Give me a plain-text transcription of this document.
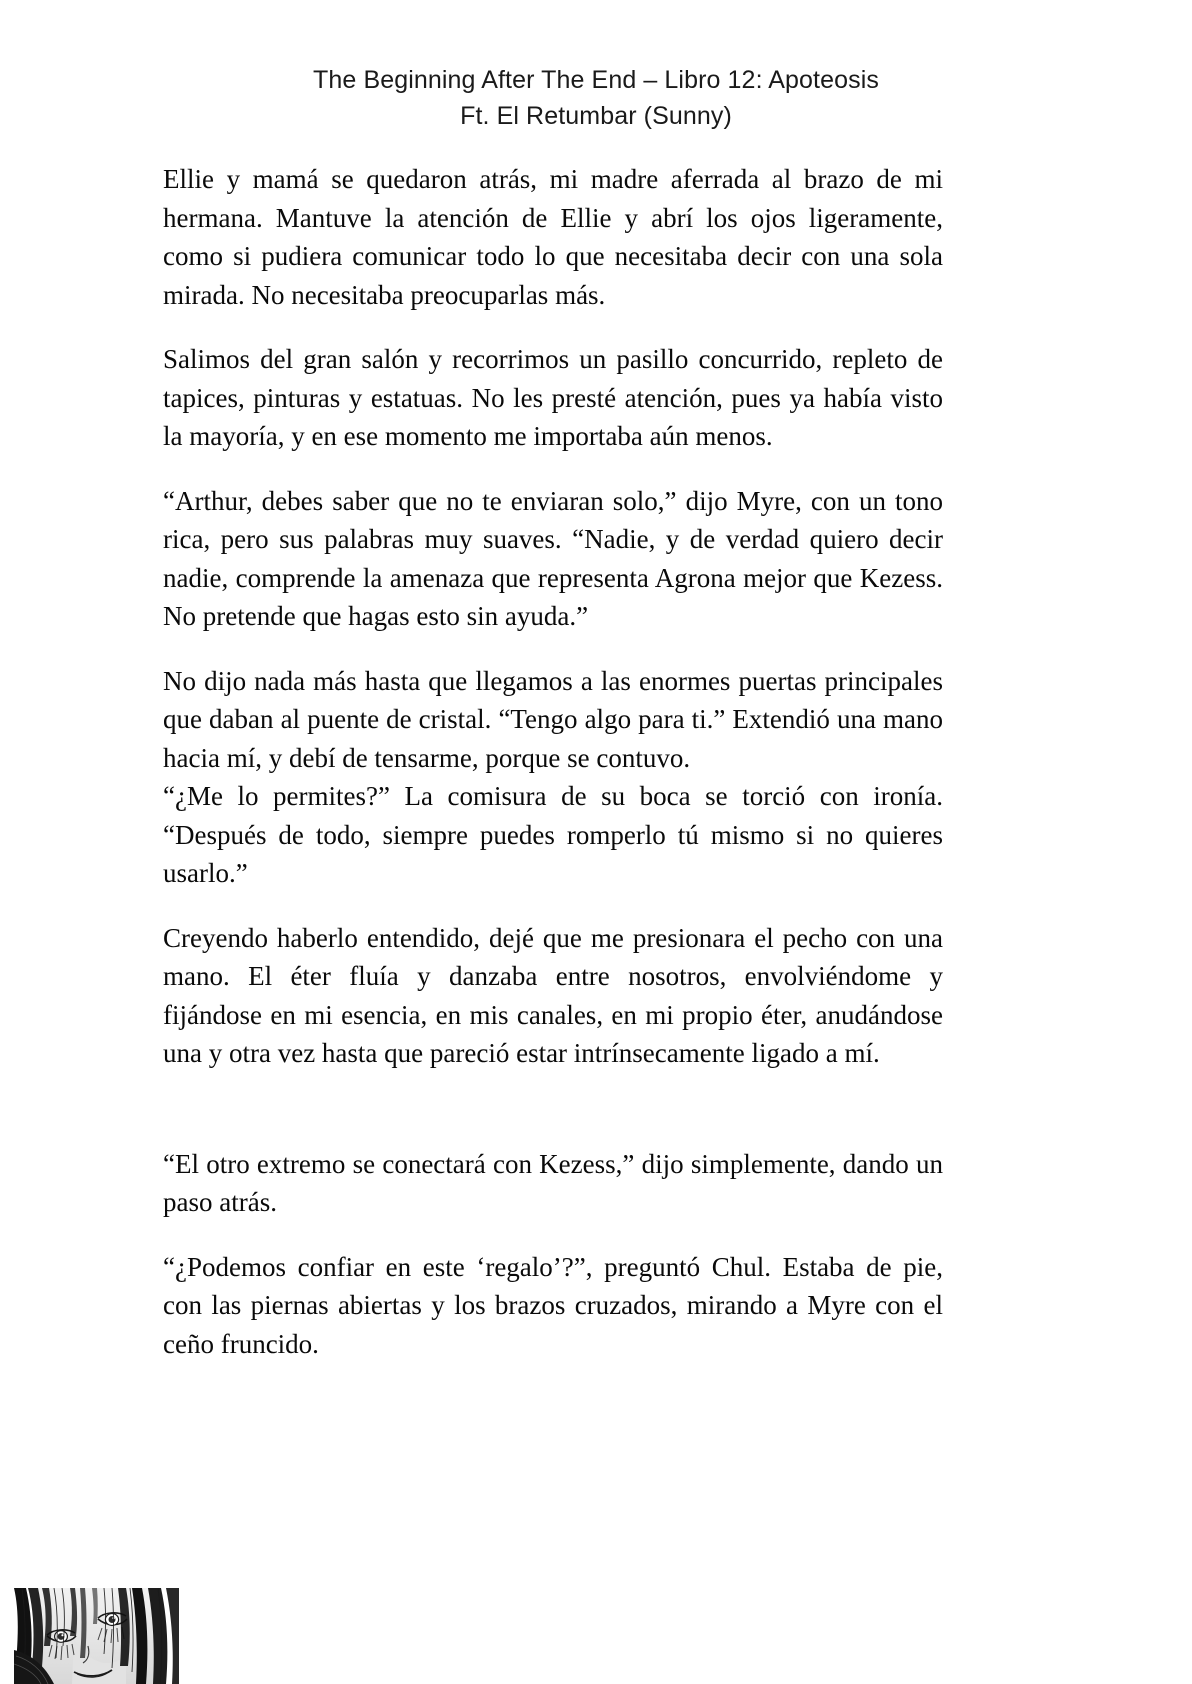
The Beginning After The End – Libro 12: Apoteosis
Ft. El Retumbar (Sunny)

Ellie y mamá se quedaron atrás, mi madre aferrada al brazo de mi hermana. Mantuve la atención de Ellie y abrí los ojos ligeramente, como si pudiera comunicar todo lo que necesitaba decir con una sola mirada. No necesitaba preocuparlas más.

Salimos del gran salón y recorrimos un pasillo concurrido, repleto de tapices, pinturas y estatuas. No les presté atención, pues ya había visto la mayoría, y en ese momento me importaba aún menos.

“Arthur, debes saber que no te enviaran solo,” dijo Myre, con un tono rica, pero sus palabras muy suaves. “Nadie, y de verdad quiero decir nadie, comprende la amenaza que representa Agrona mejor que Kezess. No pretende que hagas esto sin ayuda.”

No dijo nada más hasta que llegamos a las enormes puertas principales que daban al puente de cristal. “Tengo algo para ti.” Extendió una mano hacia mí, y debí de tensarme, porque se contuvo.

“¿Me lo permites?” La comisura de su boca se torció con ironía. “Después de todo, siempre puedes romperlo tú mismo si no quieres usarlo.”

Creyendo haberlo entendido, dejé que me presionara el pecho con una mano. El éter fluía y danzaba entre nosotros, envolviéndome y fijándose en mi esencia, en mis canales, en mi propio éter, anudándose una y otra vez hasta que pareció estar intrínsecamente ligado a mí.

“El otro extremo se conectará con Kezess,” dijo simplemente, dando un paso atrás.

“¿Podemos confiar en este ‘regalo’?”, preguntó Chul. Estaba de pie, con las piernas abiertas y los brazos cruzados, mirando a Myre con el ceño fruncido.
